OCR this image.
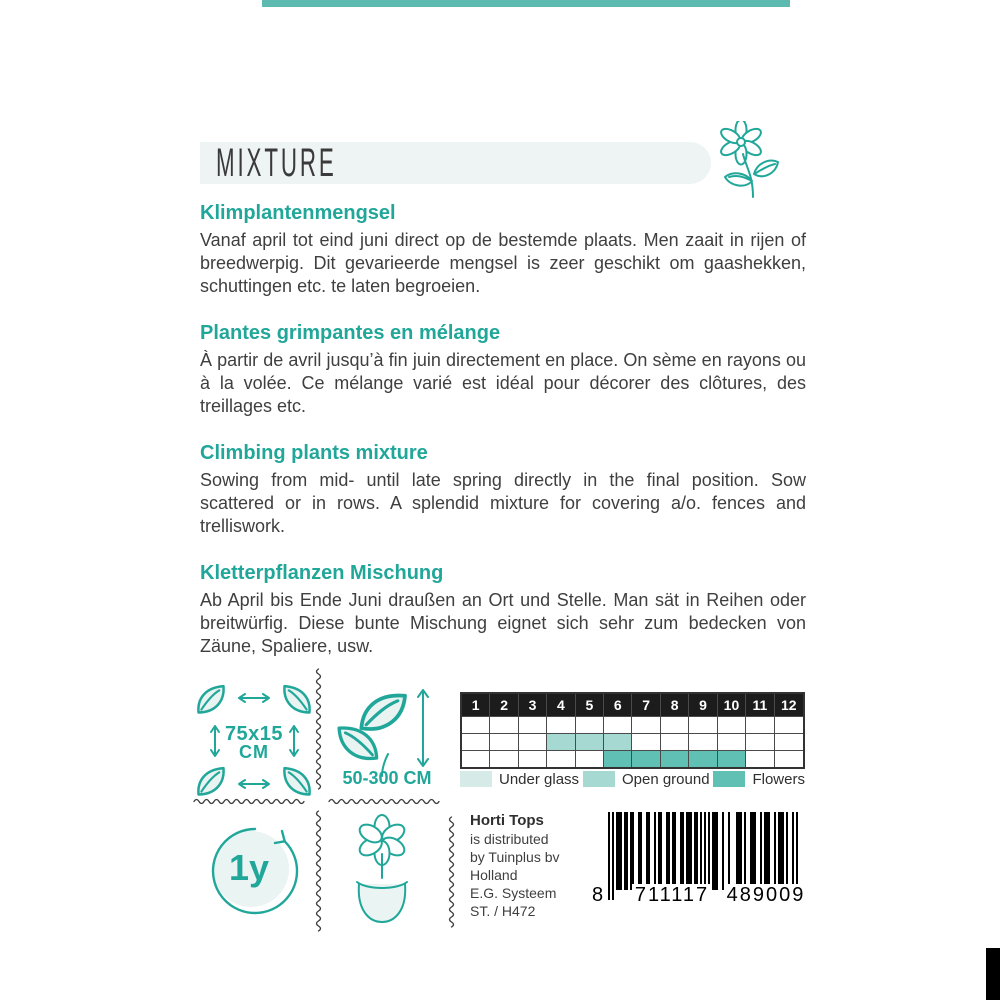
MIXTURE
Klimplantenmengsel
Vanaf april tot eind juni direct op de bestemde plaats. Men zaait in rijen of breedwerpig. Dit gevarieerde mengsel is zeer geschikt om gaashekken, schuttingen etc. te laten begroeien.
Plantes grimpantes en mélange
À partir de avril jusqu’à fin juin directement en place. On sème en rayons ou à la volée. Ce mélange varié est idéal pour décorer des clôtures, des treillages etc.
Climbing plants mixture
Sowing from mid- until late spring directly in the final position. Sow scattered or in rows. A splendid mixture for covering a/o. fences and trelliswork.
Kletterpflanzen Mischung
Ab April bis Ende Juni draußen an Ort und Stelle. Man sät in Reihen oder breitwürfig. Diese bunte Mischung eignet sich sehr zum bedecken von Zäune, Spaliere, usw.
75x15
CM
50-300 CM
1	2	3	4	5	6	7	8	9	10 11 12
Under glass	Open ground	Flowers
1y
Horti Tops
is distributed
by Tuinplus bv
Holland
E.G. Systeem
ST. / H472
8 711117 489009
